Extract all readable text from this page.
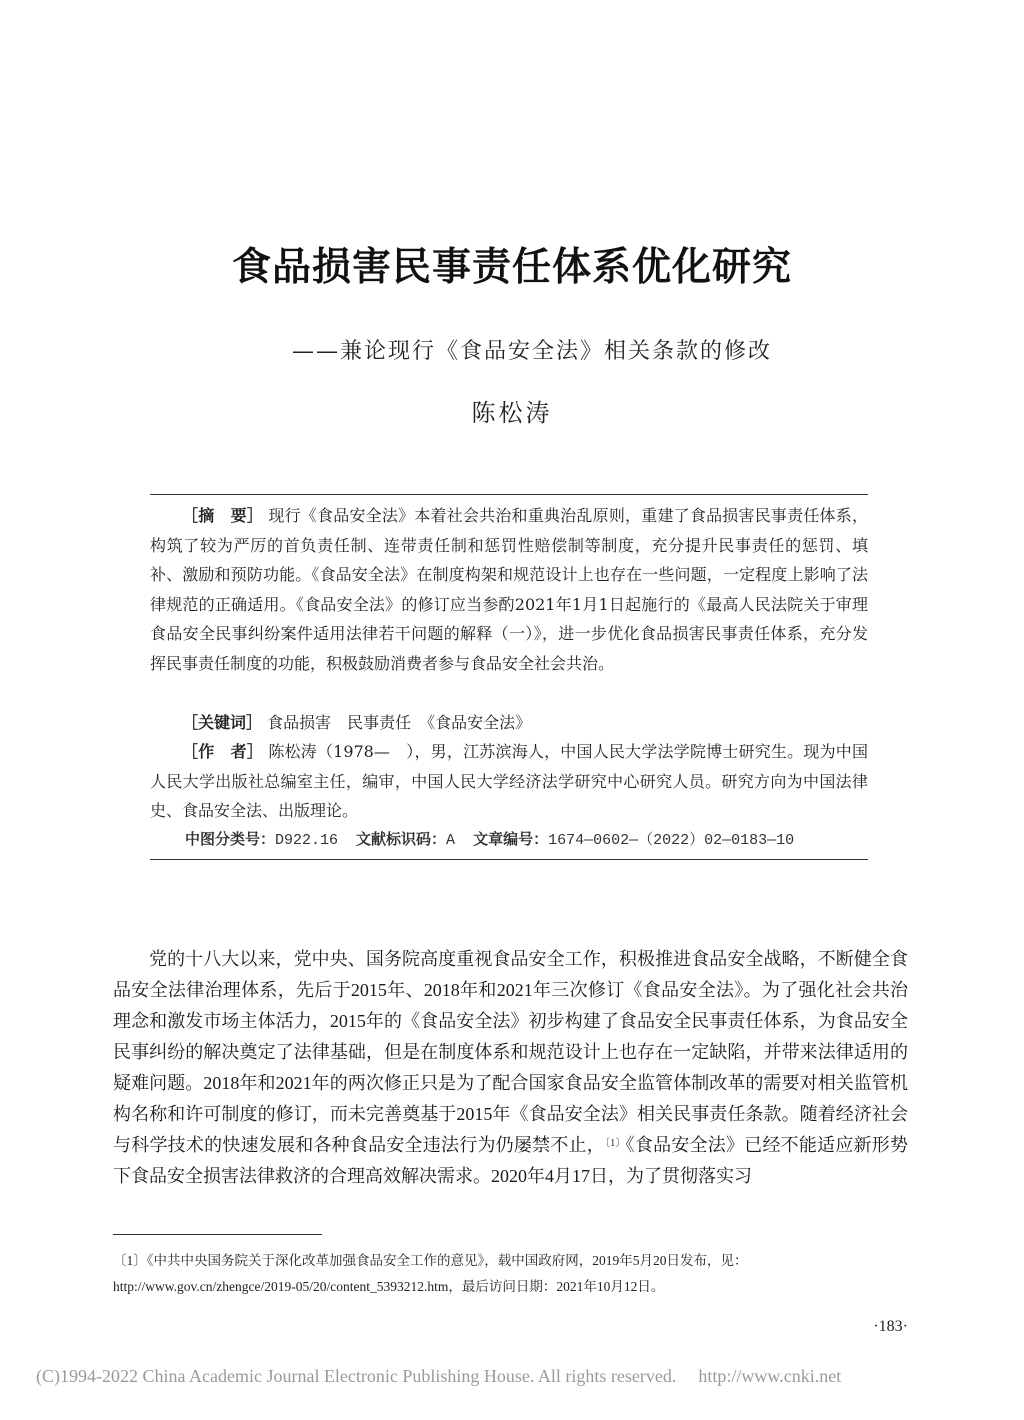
食品损害民事责任体系优化研究
——兼论现行《食品安全法》相关条款的修改
陈松涛

［摘　要］ 现行《食品安全法》本着社会共治和重典治乱原则，重建了食品损害民事责任体系，构筑了较为严厉的首负责任制、连带责任制和惩罚性赔偿制等制度，充分提升民事责任的惩罚、填补、激励和预防功能。《食品安全法》在制度构架和规范设计上也存在一些问题，一定程度上影响了法律规范的正确适用。《食品安全法》的修订应当参酌2021年1月1日起施行的《最高人民法院关于审理食品安全民事纠纷案件适用法律若干问题的解释（一）》，进一步优化食品损害民事责任体系，充分发挥民事责任制度的功能，积极鼓励消费者参与食品安全社会共治。

［关键词］ 食品损害　民事责任　《食品安全法》

［作　者］ 陈松涛（1978—　），男，江苏滨海人，中国人民大学法学院博士研究生。现为中国人民大学出版社总编室主任，编审，中国人民大学经济法学研究中心研究人员。研究方向为中国法律史、食品安全法、出版理论。

中图分类号：D922.16 文献标识码：A 文章编号：1674—0602—（2022）02—0183—10

党的十八大以来，党中央、国务院高度重视食品安全工作，积极推进食品安全战略，不断健全食品安全法律治理体系，先后于2015年、2018年和2021年三次修订《食品安全法》。为了强化社会共治理念和激发市场主体活力，2015年的《食品安全法》初步构建了食品安全民事责任体系，为食品安全民事纠纷的解决奠定了法律基础，但是在制度体系和规范设计上也存在一定缺陷，并带来法律适用的疑难问题。2018年和2021年的两次修正只是为了配合国家食品安全监管体制改革的需要对相关监管机构名称和许可制度的修订，而未完善奠基于2015年《食品安全法》相关民事责任条款。随着经济社会与科学技术的快速发展和各种食品安全违法行为仍屡禁不止，$^{〔1〕}$《食品安全法》已经不能适应新形势下食品安全损害法律救济的合理高效解决需求。2020年4月17日，为了贯彻落实习

〔1〕《中共中央国务院关于深化改革加强食品安全工作的意见》，载中国政府网，2019年5月20日发布，见：http://www.gov.cn/zhengce/2019-05/20/content_5393212.htm，最后访问日期：2021年10月12日。

·183·
(C)1994-2022 China Academic Journal Electronic Publishing House. All rights reserved. http://www.cnki.net
